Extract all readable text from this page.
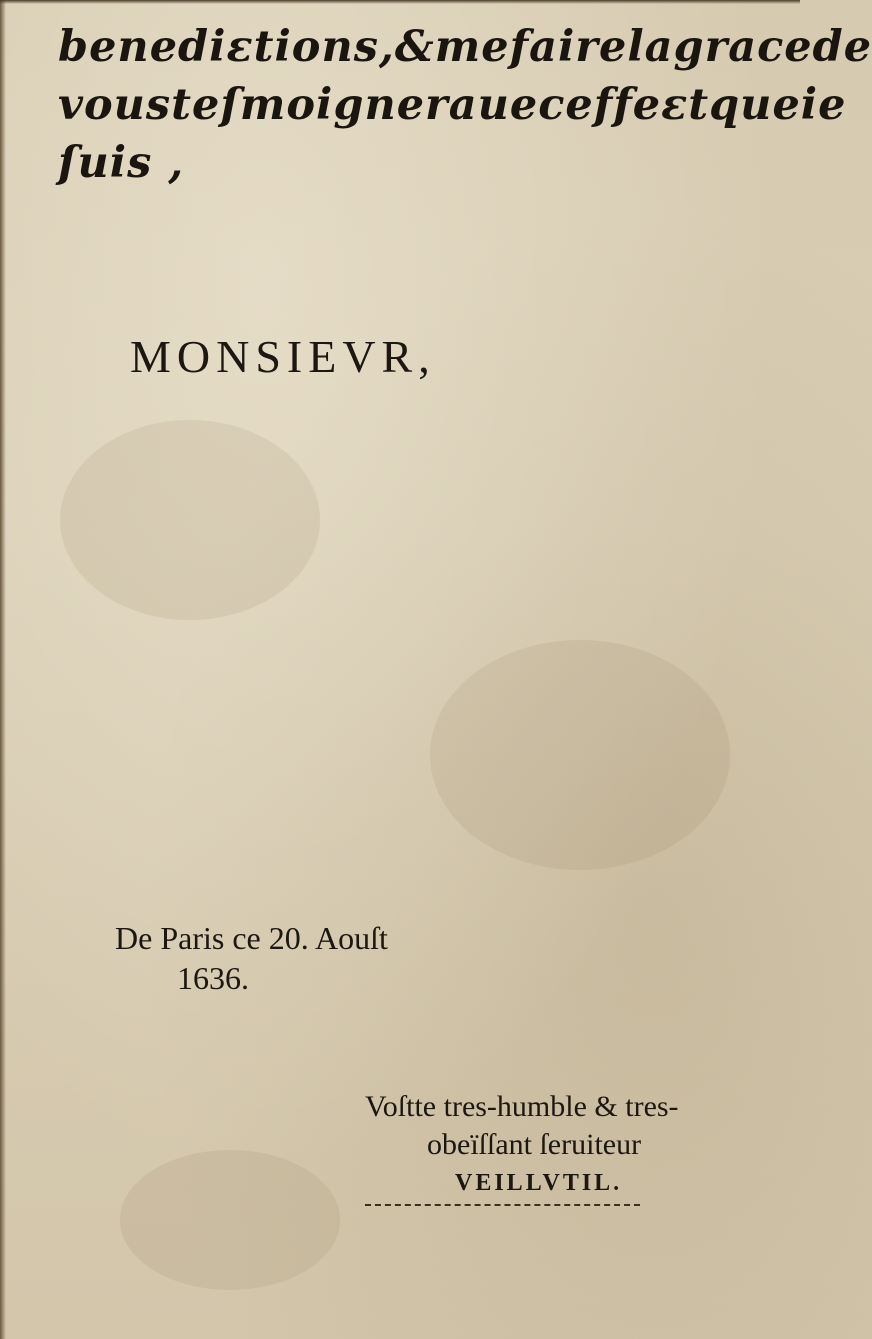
benediɛtions, & me faire la grace de
vous teſmoigner auec effeɛt que ie
ſuis ,
MONSIEVR,
De Paris ce 20. Aouſt
1636.
Voſtte tres-humble & tres-
obeïſſant ſeruiteur
VEILLVTIL.
